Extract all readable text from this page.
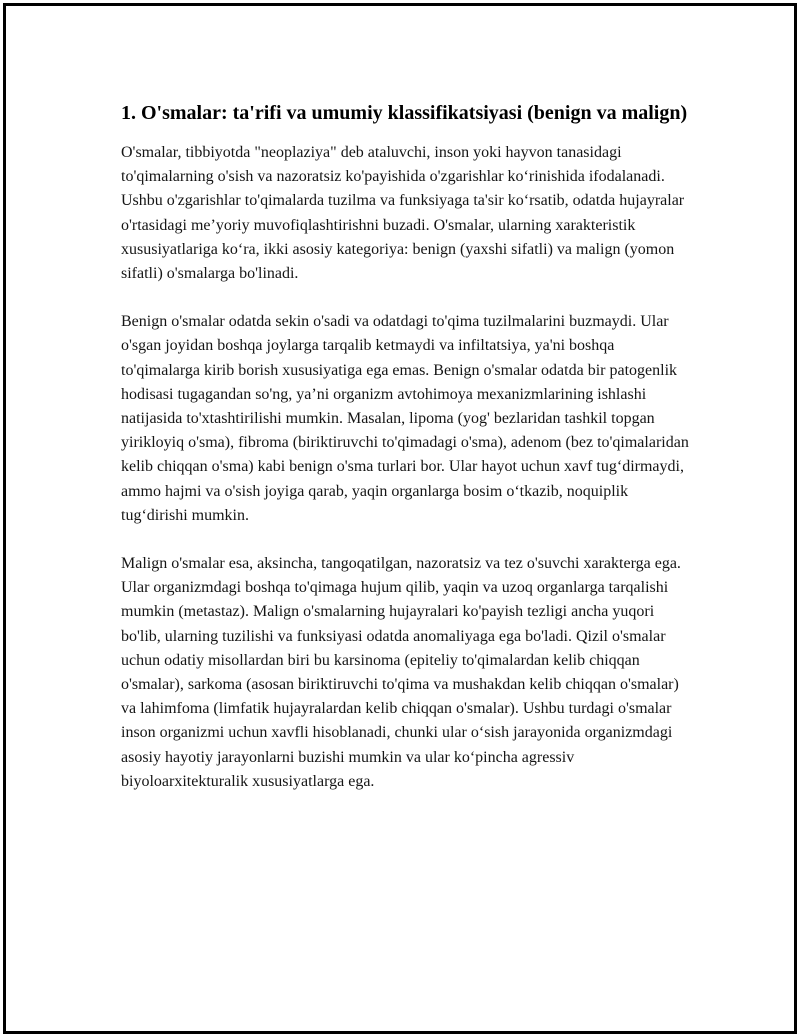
1. O'smalar: ta'rifi va umumiy klassifikatsiyasi (benign va malign)

O'smalar, tibbiyotda "neoplaziya" deb ataluvchi, inson yoki hayvon tanasidagi to'qimalarning o'sish va nazoratsiz ko'payishida o'zgarishlar ko‘rinishida ifodalanadi. Ushbu o'zgarishlar to'qimalarda tuzilma va funksiyaga ta'sir ko‘rsatib, odatda hujayralar o'rtasidagi me’yoriy muvofiqlashtirishni buzadi. O'smalar, ularning xarakteristik xususiyatlariga ko‘ra, ikki asosiy kategoriya: benign (yaxshi sifatli) va malign (yomon sifatli) o'smalarga bo'linadi.

Benign o'smalar odatda sekin o'sadi va odatdagi to'qima tuzilmalarini buzmaydi. Ular o'sgan joyidan boshqa joylarga tarqalib ketmaydi va infiltatsiya, ya'ni boshqa to'qimalarga kirib borish xususiyatiga ega emas. Benign o'smalar odatda bir patogenlik hodisasi tugagandan so'ng, ya’ni organizm avtohimoya mexanizmlarining ishlashi natijasida to'xtashtirilishi mumkin. Masalan, lipoma (yog' bezlaridan tashkil topgan yirikloyiq o'sma), fibroma (biriktiruvchi to'qimadagi o'sma), adenom (bez to'qimalaridan kelib chiqqan o'sma) kabi benign o'sma turlari bor. Ular hayot uchun xavf tug‘dirmaydi, ammo hajmi va o'sish joyiga qarab, yaqin organlarga bosim o‘tkazib, noquiplik tug‘dirishi mumkin.

Malign o'smalar esa, aksincha, tangoqatilgan, nazoratsiz va tez o'suvchi xarakterga ega. Ular organizmdagi boshqa to'qimaga hujum qilib, yaqin va uzoq organlarga tarqalishi mumkin (metastaz). Malign o'smalarning hujayralari ko'payish tezligi ancha yuqori bo'lib, ularning tuzilishi va funksiyasi odatda anomaliyaga ega bo'ladi. Qizil o'smalar uchun odatiy misollardan biri bu karsinoma (epiteliy to'qimalardan kelib chiqqan o'smalar), sarkoma (asosan biriktiruvchi to'qima va mushakdan kelib chiqqan o'smalar) va lahimfoma (limfatik hujayralardan kelib chiqqan o'smalar). Ushbu turdagi o'smalar inson organizmi uchun xavfli hisoblanadi, chunki ular o‘sish jarayonida organizmdagi asosiy hayotiy jarayonlarni buzishi mumkin va ular ko‘pincha agressiv biyoloarxitekturalik xususiyatlarga ega.
